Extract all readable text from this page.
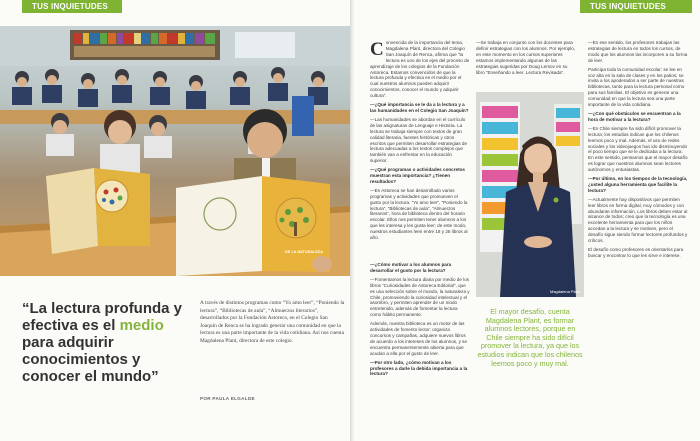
TUS INQUIETUDES
DE LA NATURALEZA
“La lectura profunda y efectiva es el medio para adquirir conocimientos y conocer el mundo”
A través de distintos programas como “Yo amo leer”, “Poniendo la lectura”, “Bibliotecas de aula”, “Almuerzos literarios”, desarrollados por la Fundación Astoreca, en el Colegio San Joaquín de Renca se ha logrado generar una comunidad en que la lectura es una parte importante de la vida cotidiana. Así nos cuenta Magdalena Plant, directora de este colegio.
POR PAULA ELGALDE
TUS INQUIETUDES

Convencida de la importancia del tema, Magdalena Plant, directora del Colegio San Joaquín de Renca, afirma que “la lectura es uno de los ejes del proceso de aprendizaje de los colegios de la Fundación Astoreca. Estamos convencidos de que la lectura profunda y efectiva es el medio por el cual nuestros alumnos pueden adquirir conocimientos, conocer el mundo y adquirir cultura”.

—¿Qué importancia se le da a la lectura y a las humanidades en el Colegio San Joaquín?

—Las humanidades se abordan en el currículo de las asignaturas de Lenguaje e Historia. La lectura se trabaja siempre con textos de gran calidad literaria, fuentes históricas y otros escritos que permiten desarrollar estrategias de lectura adecuadas a los textos complejos que también van a enfrentar en la educación superior.

—¿Qué programas o actividades concretos muestran esta importancia? ¿Tienen resultados?

—En Astoreca se han desarrollado varios programas y actividades que promueven el gusto por la lectura. “Yo amo leer”, “Poniendo la lectura”, “Bibliotecas de aula”, “Almuerzos literarios”, hora de biblioteca dentro del horario escolar. Ellos nos permiten tener alumnos a los que les interesa y les gusta leer; de este modo, nuestros estudiantes leen entre 18 y 25 libros al año.

—Se trabaja en conjunto con los docentes para definir estrategias con los alumnos. Por ejemplo, en este momento en los cursos superiores estamos implementando algunas de las estrategias sugeridas por Doug Lemov en su libro “Enseñando a leer. Lectura Revisada”.

Magdalena Plant
El mayor desafío, cuenta Magdalena Plant, es formar alumnos lectores, porque en Chile siempre ha sido difícil promover la lectura, ya que los estudios indican que los chilenos leemos poco y muy mal.

—En ese sentido, los profesores trabajan las estrategias de lectura en todos los cursos, de modo que los alumnos las incorporen a su forma de leer.

Participa toda la comunidad escolar: se lee en voz alta en la sala de clases y en los patios; se invita a los apoderados a ser parte de nuestras bibliotecas, tanto para la lectura personal como para sus familias. El objetivo es generar una comunidad en que la lectura sea una parte importante de la vida cotidiana.

—¿Con qué obstáculos se encuentran a la hora de motivar a la lectura?

—En Chile siempre ha sido difícil promover la lectura; los estudios indican que los chilenos leemos poco y mal. Además, el uso de redes sociales y los videojuegos han ido disminuyendo el poco tiempo que se le dedicaba a la lectura. En este sentido, pensamos que el mayor desafío es lograr que nuestros alumnos sean lectores autónomos y entusiastas.

—Por último, en los tiempos de la tecnología, ¿usted alguna herramienta que facilite la lectura?

—Actualmente hay dispositivos que permiten leer libros en forma digital, muy cómodos y con abundante información. Los libros deben estar al alcance de todos; creo que la tecnología es una excelente herramienta para que los niños accedan a la lectura y se motiven, pero el desafío sigue siendo formar lectores profundos y críticos.

El desafío como profesores es orientarlos para buscar y encontrar lo que les sirve e interese.

—¿Cómo motivar a los alumnos para desarrollar el gusto por la lectura?

—Fomentamos la lectura diaria por medio de los libros “Curiosidades de Astoreca Editorial”, que es una selección sobre el mundo, la naturaleza y Chile, promoviendo la curiosidad intelectual y el asombro, y permiten aprender de un modo entretenido, además de fomentar la lectura como hábito permanente.

Además, nuestra biblioteca es un motor de las actividades de fomento lector: organiza concursos y campañas, adquiere nuevos libros de acuerdo a los intereses de los alumnos, y se encuentra permanentemente abierta para que acudan a ella por el gusto de leer.

—Por otro lado, ¿cómo motivan a los profesores a darle la debida importancia a la lectura?
